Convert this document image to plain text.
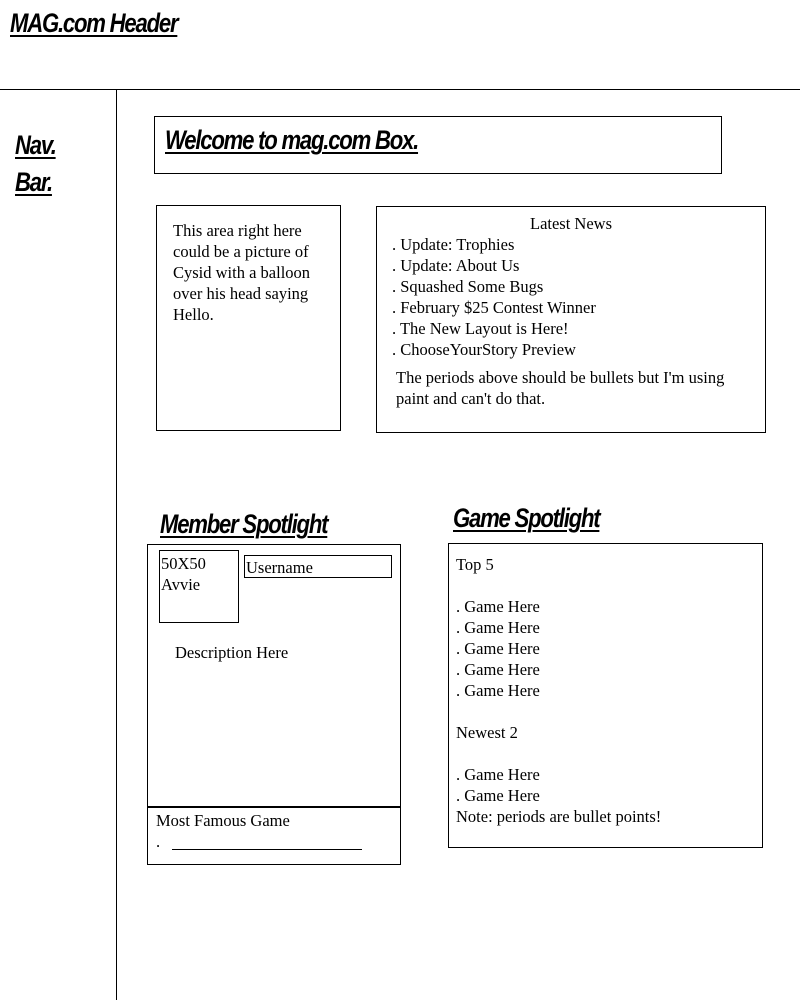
MAG.com Header
Nav.
Bar.
Welcome to mag.com Box.
This area right here could be a picture of Cysid with a balloon over his head saying Hello.
Latest News
. Update: Trophies
. Update: About Us
. Squashed Some Bugs
. February $25 Contest Winner
. The New Layout is Here!
. ChooseYourStory Preview
The periods above should be bullets but I'm using paint and can't do that.
Member Spotlight	Game Spotlight
50X50 Avvie
Username
Description Here
Most Famous Game
.
Top 5
. Game Here
. Game Here
. Game Here
. Game Here
. Game Here
Newest 2
. Game Here
. Game Here
Note: periods are bullet points!
